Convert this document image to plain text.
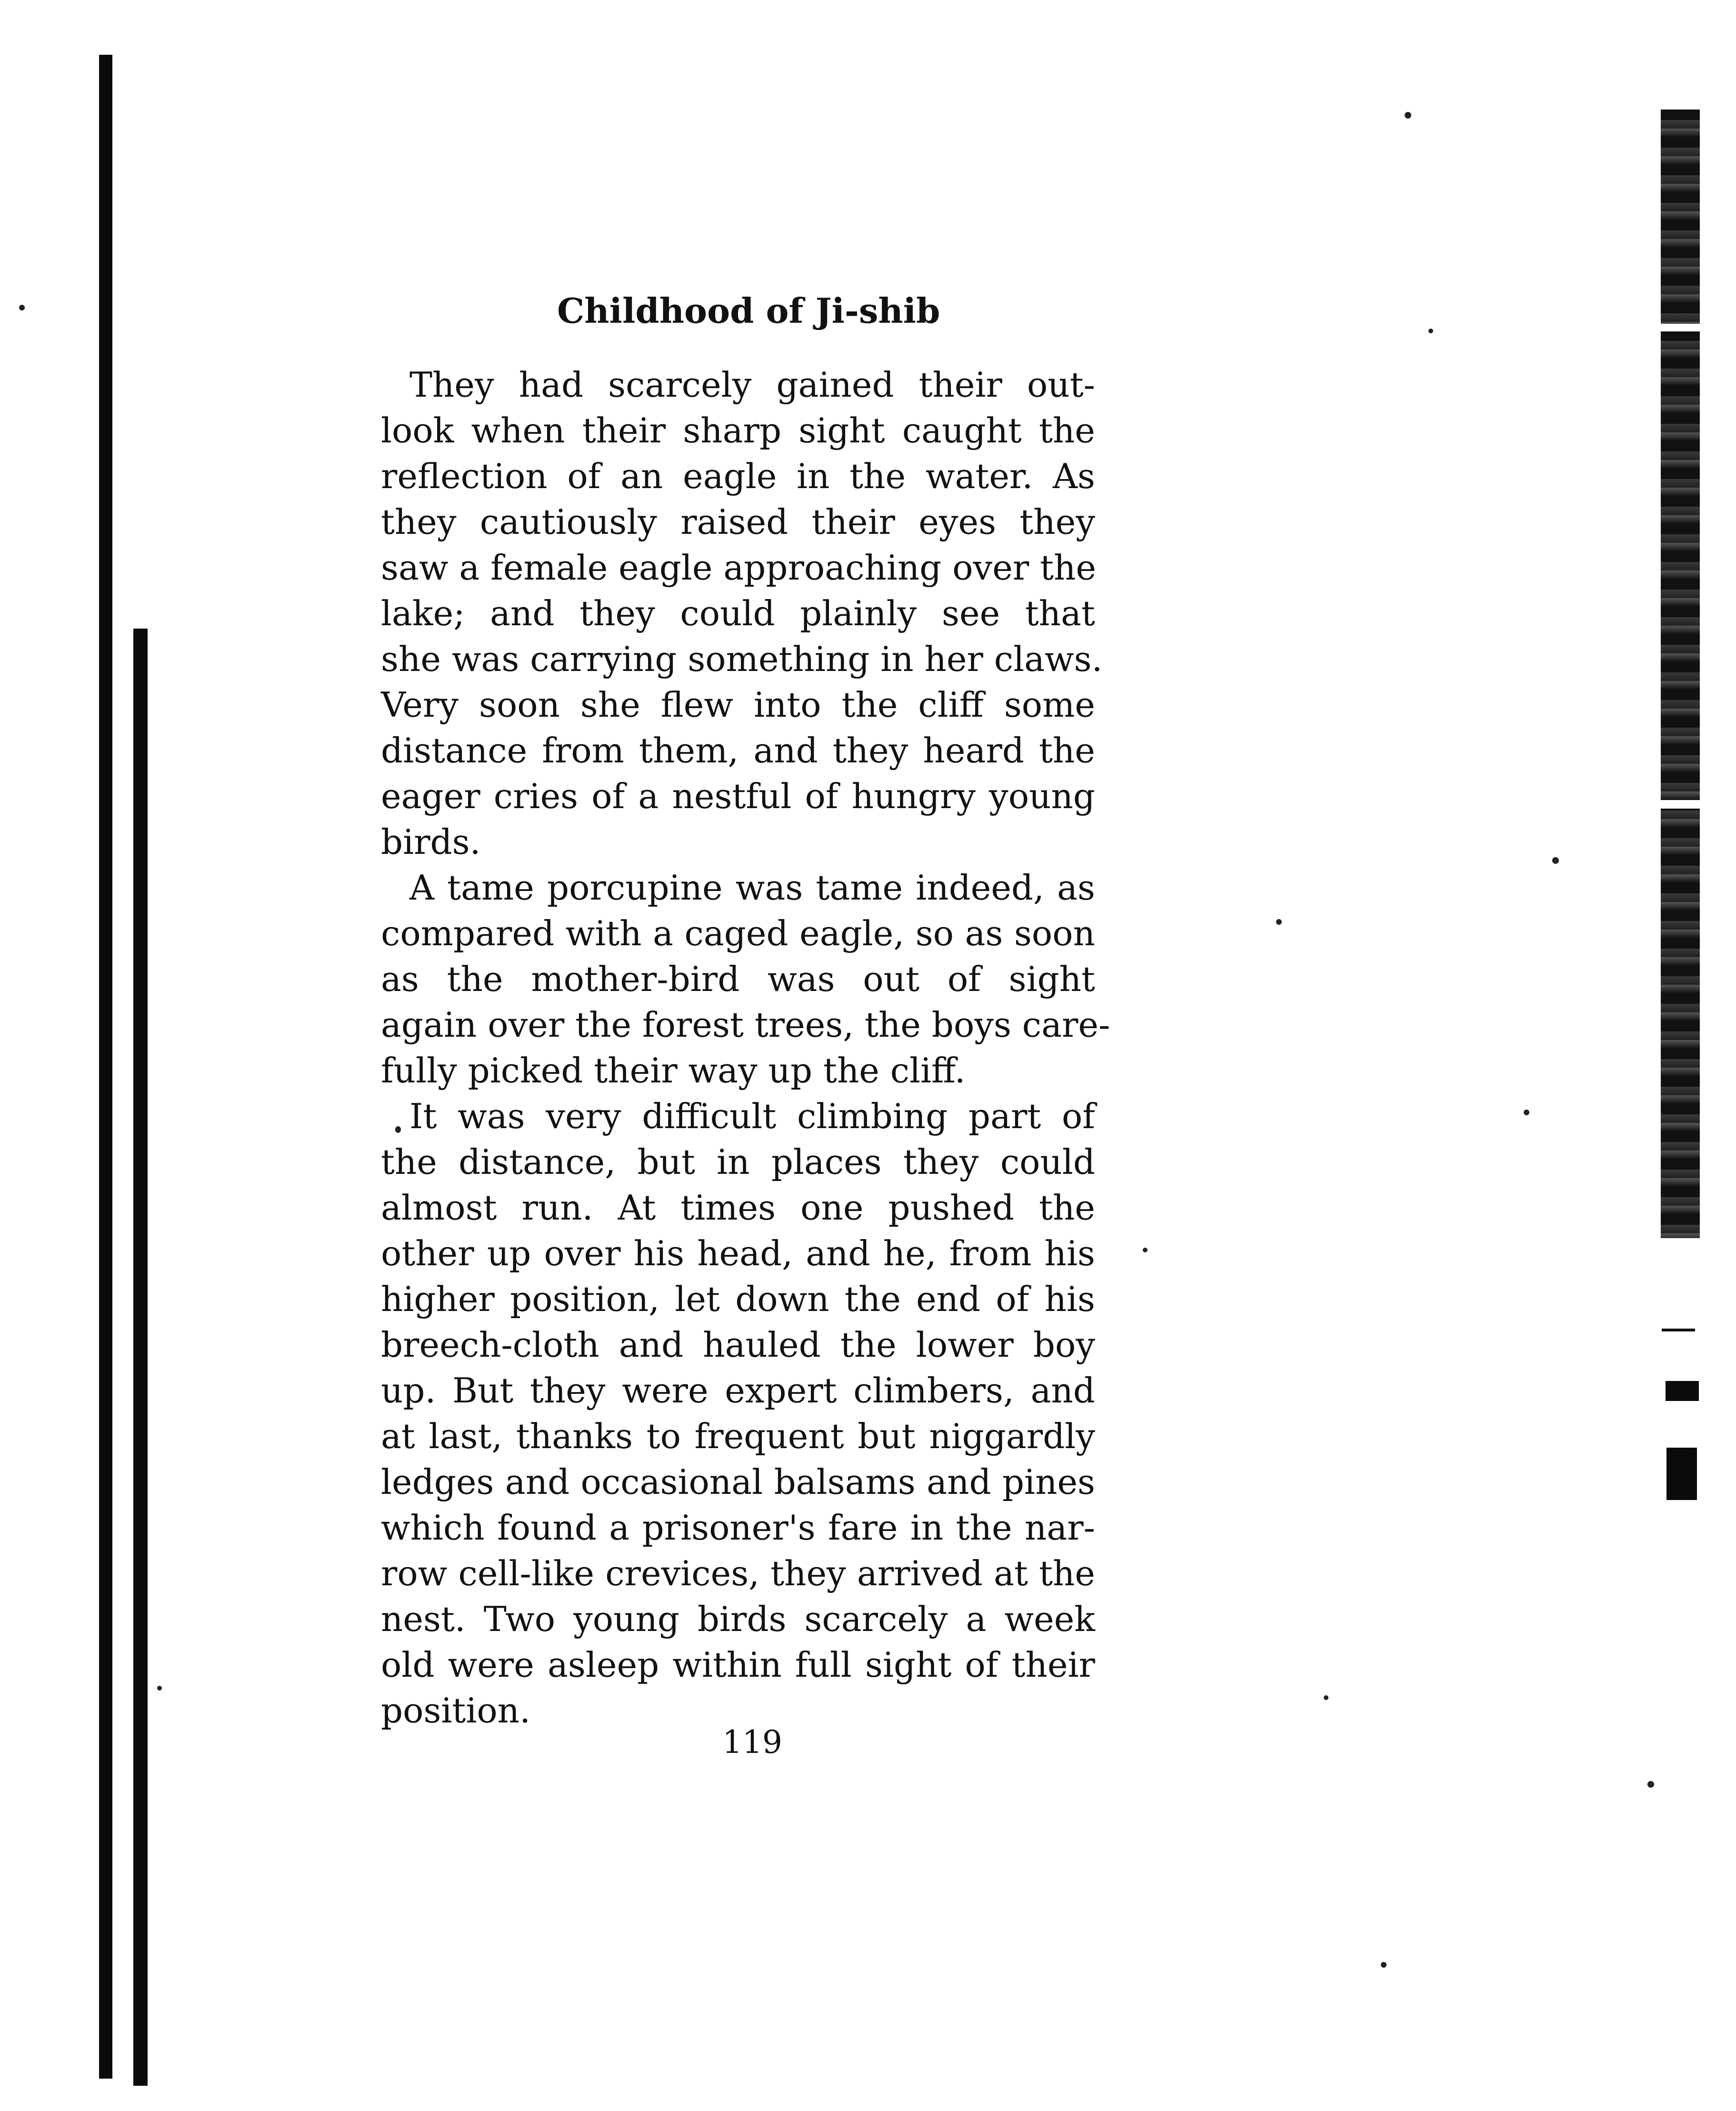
Childhood of Ji-shib
They had scarcely gained their out-
look when their sharp sight caught the
reflection of an eagle in the water. As
they cautiously raised their eyes they
saw a female eagle approaching over the
lake; and they could plainly see that
she was carrying something in her claws.
Very soon she flew into the cliff some
distance from them, and they heard the
eager cries of a nestful of hungry young
birds.
A tame porcupine was tame indeed, as
compared with a caged eagle, so as soon
as the mother-bird was out of sight
again over the forest trees, the boys care-
fully picked their way up the cliff.
It was very difficult climbing part of
the distance, but in places they could
almost run. At times one pushed the
other up over his head, and he, from his
higher position, let down the end of his
breech-cloth and hauled the lower boy
up. But they were expert climbers, and
at last, thanks to frequent but niggardly
ledges and occasional balsams and pines
which found a prisoner's fare in the nar-
row cell-like crevices, they arrived at the
nest. Two young birds scarcely a week
old were asleep within full sight of their
position.
119
